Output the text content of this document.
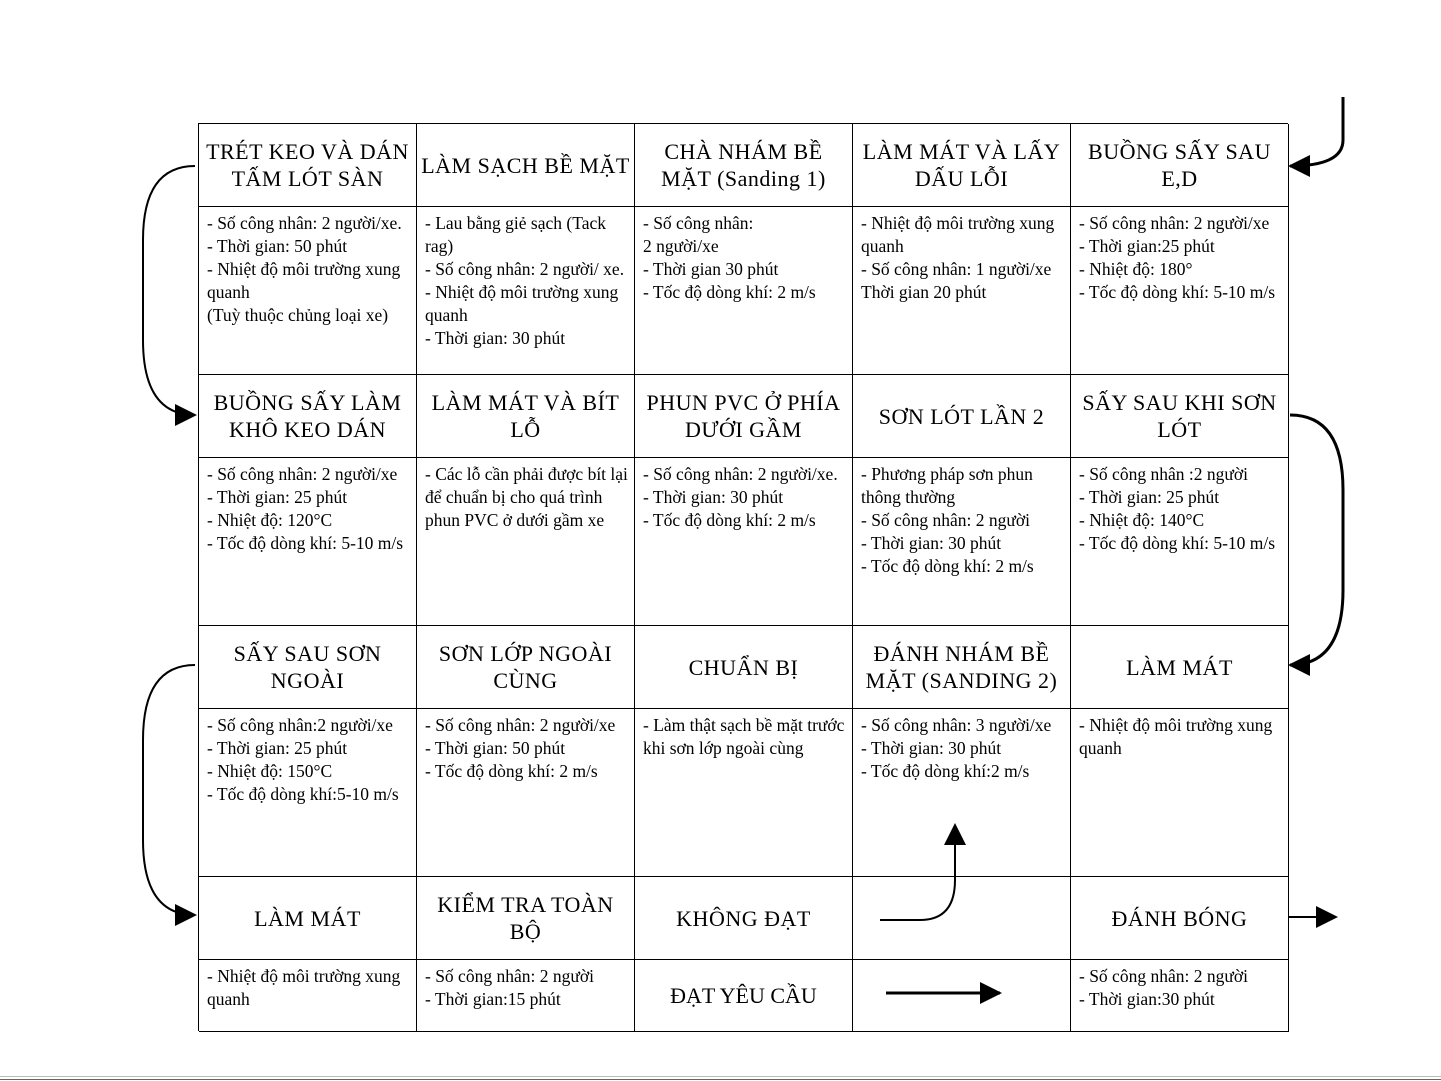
TRÉT KEO VÀ DÁN TẤM LÓT SÀN
LÀM SẠCH BỀ MẶT
CHÀ NHÁM BỀ MẶT (Sanding 1)
LÀM MÁT VÀ LẤY DẤU LỖI
BUỒNG SẤY SAU E,D
- Số công nhân: 2 người/xe.
- Thời gian: 50 phút
- Nhiệt độ môi trường xung quanh
(Tuỳ thuộc chủng loại xe)
- Lau bằng giẻ sạch (Tack rag)
- Số công nhân: 2 người/ xe.
- Nhiệt độ môi trường xung quanh
- Thời gian: 30 phút
- Số công nhân:
2 người/xe
- Thời gian 30 phút
- Tốc độ dòng khí: 2 m/s
- Nhiệt độ môi trường xung quanh
- Số công nhân: 1 người/xe
Thời gian 20 phút
- Số công nhân: 2 người/xe
- Thời gian:25 phút
- Nhiệt độ: 180°
- Tốc độ dòng khí: 5-10 m/s
BUỒNG SẤY LÀM KHÔ KEO DÁN
LÀM MÁT VÀ BÍT LỖ
PHUN PVC Ở PHÍA DƯỚI GẦM
SƠN LÓT LẦN 2
SẤY SAU KHI SƠN LÓT
- Số công nhân: 2 người/xe
- Thời gian: 25 phút
- Nhiệt độ: 120°C
- Tốc độ dòng khí: 5-10 m/s
- Các lỗ cần phải được bít lại để chuẩn bị cho quá trình phun PVC ở dưới gầm xe
- Số công nhân: 2 người/xe.
- Thời gian: 30 phút
- Tốc độ dòng khí: 2 m/s
- Phương pháp sơn phun thông thường
- Số công nhân: 2 người
- Thời gian: 30 phút
- Tốc độ dòng khí: 2 m/s
- Số công nhân :2 người
- Thời gian: 25 phút
- Nhiệt độ: 140°C
- Tốc độ dòng khí: 5-10 m/s
SẤY SAU SƠN NGOÀI
SƠN LỚP NGOÀI CÙNG
CHUẨN BỊ
ĐÁNH NHÁM BỀ MẶT (SANDING 2)
LÀM MÁT
- Số công nhân:2 người/xe
- Thời gian: 25 phút
- Nhiệt độ: 150°C
- Tốc độ dòng khí:5-10 m/s
- Số công nhân: 2 người/xe
- Thời gian: 50 phút
- Tốc độ dòng khí: 2 m/s
- Làm thật sạch bề mặt trước khi sơn lớp ngoài cùng
- Số công nhân: 3 người/xe
- Thời gian: 30 phút
- Tốc độ dòng khí:2 m/s
- Nhiệt độ môi trường xung quanh
LÀM MÁT
KIỂM TRA TOÀN BỘ
KHÔNG ĐẠT	ĐÁNH BÓNG
- Nhiệt độ môi trường xung quanh
- Số công nhân: 2 người
- Thời gian:15 phút	ĐẠT YÊU CẦU
- Số công nhân: 2 người
- Thời gian:30 phút
